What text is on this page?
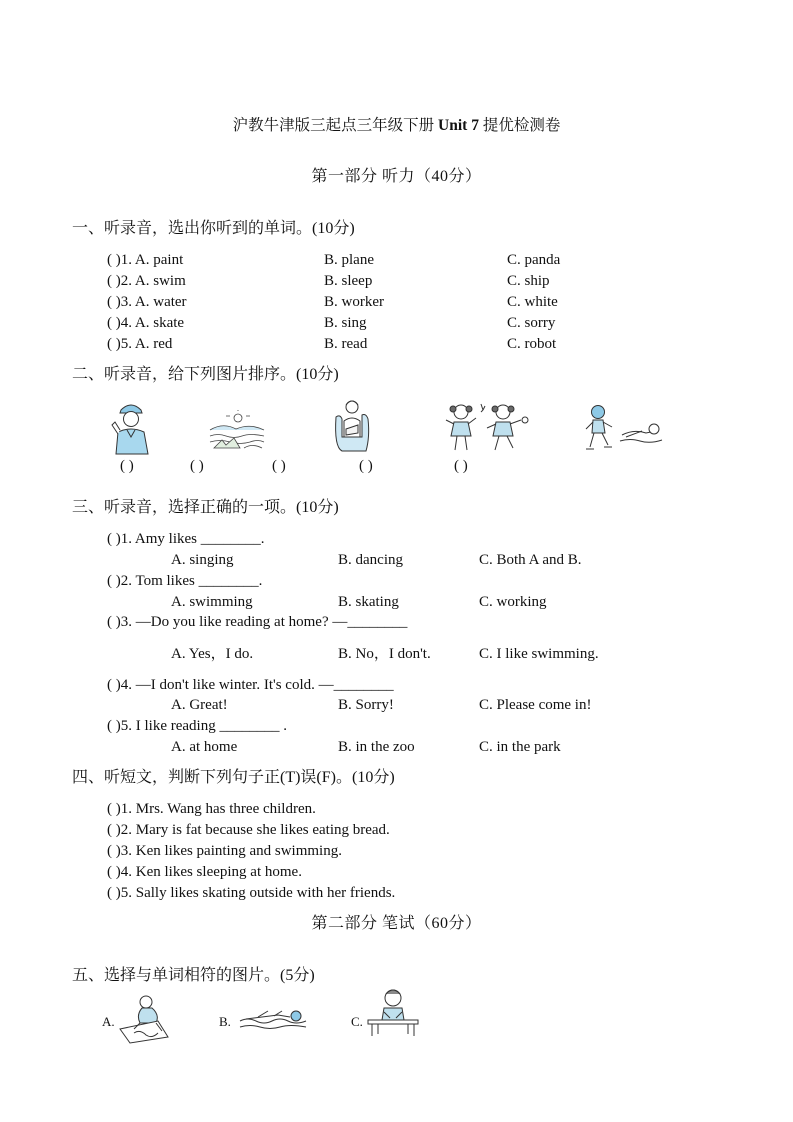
沪教牛津版三起点三年级下册 Unit 7 提优检测卷
第一部分 听力（40分）
一、听录音，选出你听到的单词。(10分)
( )1. A. paint	B. plane	C. panda
( )2. A. swim	B. sleep	C. ship
( )3. A. water	B. worker	C. white
( )4. A. skate	B. sing	C. sorry
( )5. A. red	B. read	C. robot
二、听录音，给下列图片排序。(10分)
( )	( )	( )	( )	( )
三、听录音，选择正确的一项。(10分)
( )1. Amy likes ________.
A. singing	B. dancing	C. Both A and B.
( )2. Tom likes ________.
A. swimming	B. skating	C. working
( )3. —Do you like reading at home? —________
A. Yes，I do.	B. No，I don't.	C. I like swimming.
( )4. —I don't like winter. It's cold. —________
A. Great!	B. Sorry!	C. Please come in!
( )5. I like reading ________ .
A. at home	B. in the zoo	C. in the park
四、听短文，判断下列句子正(T)误(F)。(10分)
( )1. Mrs. Wang has three children.
( )2. Mary is fat because she likes eating bread.
( )3. Ken likes painting and swimming.
( )4. Ken likes sleeping at home.
( )5. Sally likes skating outside with her friends.
第二部分 笔试（60分）
五、选择与单词相符的图片。(5分)
A.	B.	C.
